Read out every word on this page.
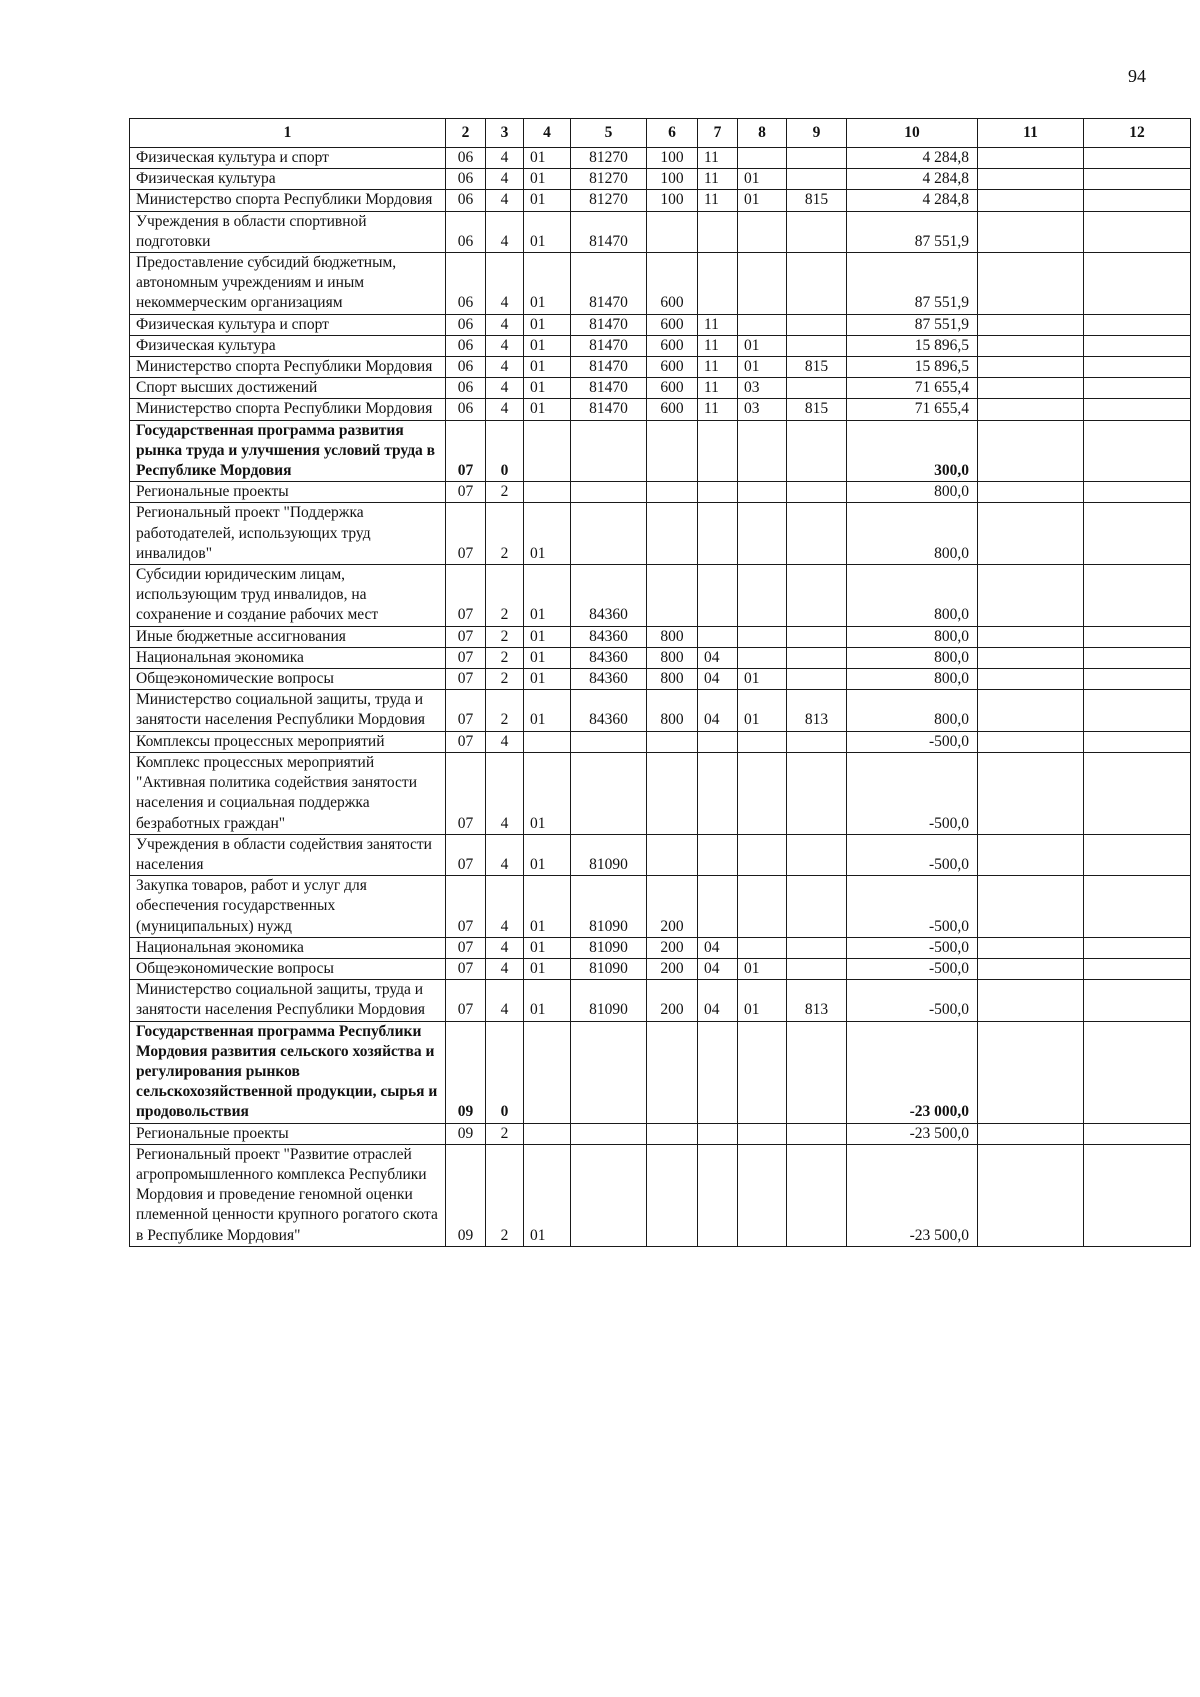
94
1	2	3	4	5	6	7	8	9	10	11	12
Физическая культура и спорт	06	4	01	81270	100	11			4 284,8		
Физическая культура	06	4	01	81270	100	11	01		4 284,8		
Министерство спорта Республики Мордовия	06	4	01	81270	100	11	01	815	4 284,8		
Учреждения в области спортивной подготовки	06	4	01	81470					87 551,9		
Предоставление субсидий бюджетным, автономным учреждениям и иным некоммерческим организациям	06	4	01	81470	600				87 551,9		
Физическая культура и спорт	06	4	01	81470	600	11			87 551,9		
Физическая культура	06	4	01	81470	600	11	01		15 896,5		
Министерство спорта Республики Мордовия	06	4	01	81470	600	11	01	815	15 896,5		
Спорт высших достижений	06	4	01	81470	600	11	03		71 655,4		
Министерство спорта Республики Мордовия	06	4	01	81470	600	11	03	815	71 655,4		
Государственная программа развития рынка труда и улучшения условий труда в Республике Мордовия	07	0							300,0		
Региональные проекты	07	2							800,0		
Региональный проект "Поддержка работодателей, использующих труд инвалидов"	07	2	01						800,0		
Субсидии юридическим лицам, использующим труд инвалидов, на сохранение и создание рабочих мест	07	2	01	84360					800,0		
Иные бюджетные ассигнования	07	2	01	84360	800				800,0		
Национальная экономика	07	2	01	84360	800	04			800,0		
Общеэкономические вопросы	07	2	01	84360	800	04	01		800,0		
Министерство социальной защиты, труда и занятости населения Республики Мордовия	07	2	01	84360	800	04	01	813	800,0		
Комплексы процессных мероприятий	07	4							-500,0		
Комплекс процессных мероприятий "Активная политика содействия занятости населения и социальная поддержка безработных граждан"	07	4	01						-500,0		
Учреждения в области содействия занятости населения	07	4	01	81090					-500,0		
Закупка товаров, работ и услуг для обеспечения государственных (муниципальных) нужд	07	4	01	81090	200				-500,0		
Национальная экономика	07	4	01	81090	200	04			-500,0		
Общеэкономические вопросы	07	4	01	81090	200	04	01		-500,0		
Министерство социальной защиты, труда и занятости населения Республики Мордовия	07	4	01	81090	200	04	01	813	-500,0		
Государственная программа Республики Мордовия развития сельского хозяйства и регулирования рынков сельскохозяйственной продукции, сырья и продовольствия	09	0							-23 000,0		
Региональные проекты	09	2							-23 500,0		
Региональный проект "Развитие отраслей агропромышленного комплекса Республики Мордовия и проведение геномной оценки племенной ценности крупного рогатого скота в Республике Мордовия"	09	2	01						-23 500,0		
